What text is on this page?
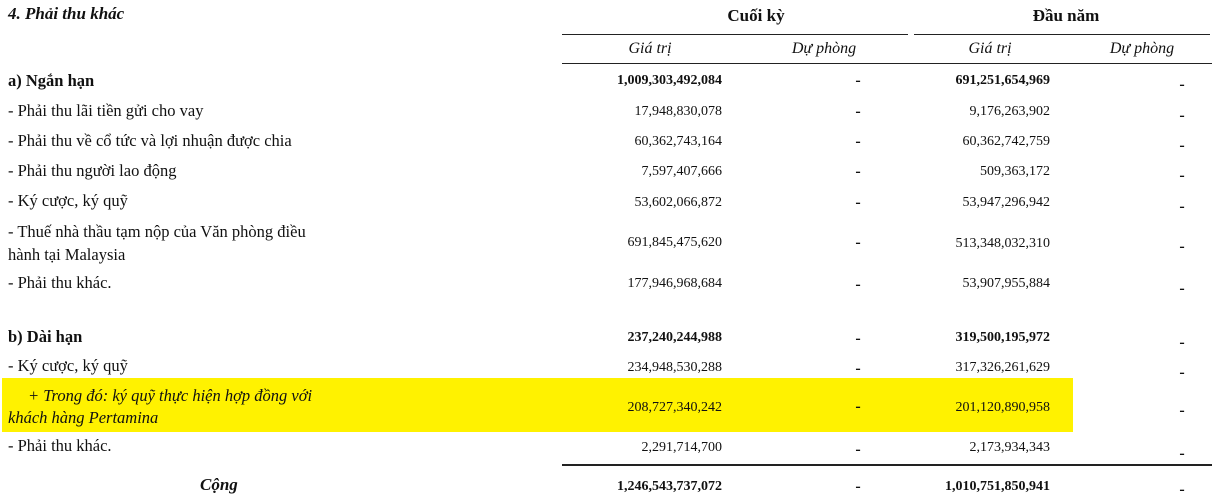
4. Phải thu khác	Cuối kỳ	Đầu năm
Giá trị	Dự phòng	Giá trị	Dự phòng
a) Ngắn hạn	1,009,303,492,084	-	691,251,654,969	-
- Phải thu lãi tiền gửi cho vay	17,948,830,078	-	9,176,263,902	-
- Phải thu về cổ tức và lợi nhuận được chia	60,362,743,164	-	60,362,742,759	-
- Phải thu người lao động	7,597,407,666	-	509,363,172	-
- Ký cược, ký quỹ	53,602,066,872	-	53,947,296,942	-
- Thuế nhà thầu tạm nộp của Văn phòng điều
hành tại Malaysia
691,845,475,620	-	513,348,032,310	-
- Phải thu khác.	177,946,968,684	-	53,907,955,884	-
b) Dài hạn	237,240,244,988	-	319,500,195,972	-
- Ký cược, ký quỹ	234,948,530,288	-	317,326,261,629	-
+ Trong đó: ký quỹ thực hiện hợp đồng với
khách hàng Pertamina
208,727,340,242	-	201,120,890,958	-
- Phải thu khác.	2,291,714,700	-	2,173,934,343	-
Cộng	1,246,543,737,072	-	1,010,751,850,941	-
